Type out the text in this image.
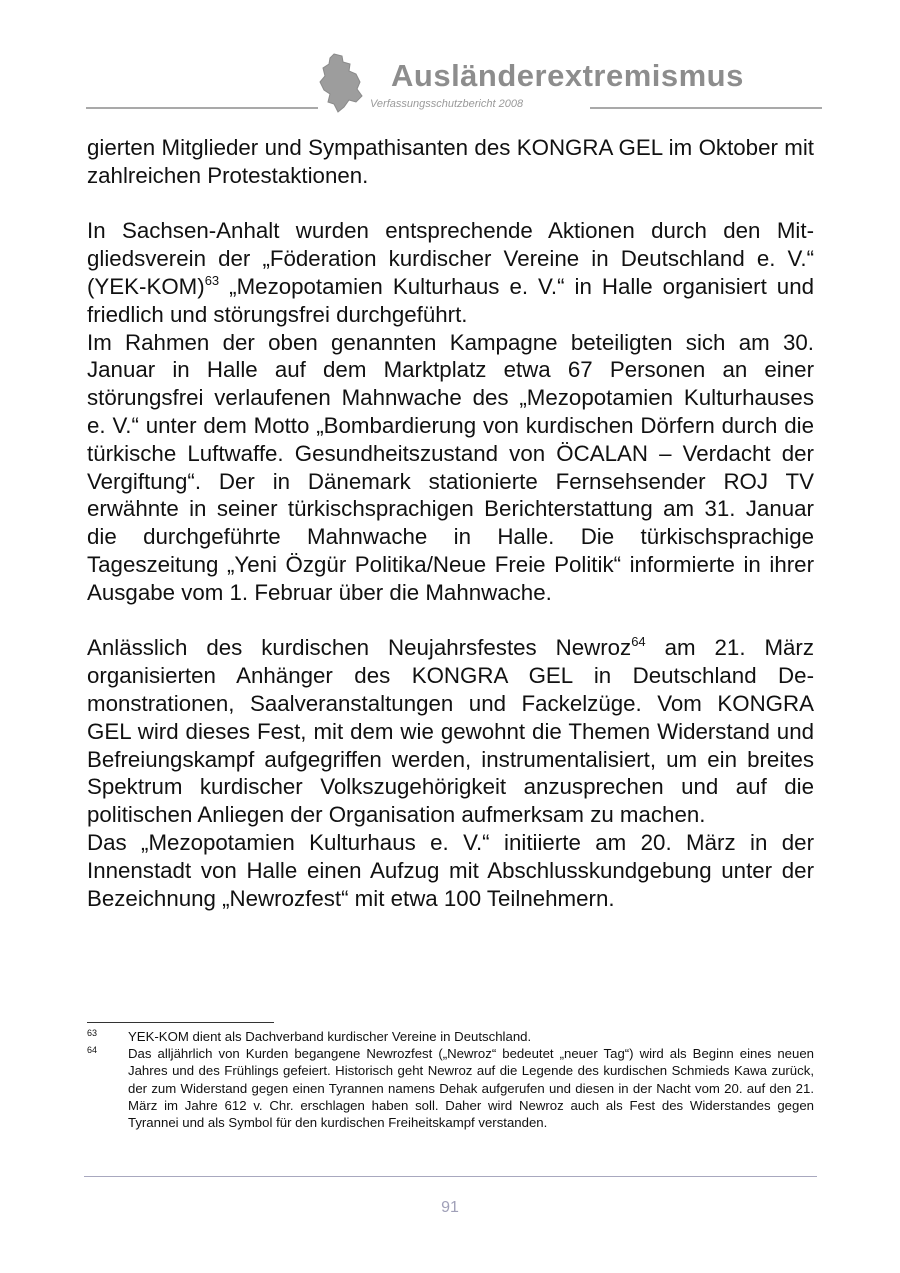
Ausländerextremismus
Verfassungsschutzbericht 2008

gierten Mitglieder und Sympathisanten des KONGRA GEL im Oktober mit zahlreichen Protestaktionen.

In Sachsen-Anhalt wurden entsprechende Aktionen durch den Mitgliedsverein der „Föderation kurdischer Vereine in Deutschland e. V.“ $(YEK-KOM)^{63}$ „Mezopotamien Kulturhaus e. V.“ in Halle organisiert und friedlich und störungsfrei durchgeführt.

Im Rahmen der oben genannten Kampagne beteiligten sich am 30. Januar in Halle auf dem Marktplatz etwa 67 Personen an einer störungsfrei verlaufenen Mahnwache des „Mezopotamien Kulturhauses e. V.“ unter dem Motto „Bombardierung von kurdischen Dörfern durch die türkische Luftwaffe. Gesundheitszustand von ÖCALAN – Verdacht der Vergiftung“. Der in Dänemark stationierte Fernsehsender ROJ TV erwähnte in seiner türkischsprachigen Berichterstattung am 31. Januar die durchgeführte Mahnwache in Halle. Die türkischsprachige Tageszeitung „Yeni Özgür Politika/Neue Freie Politik“ informierte in ihrer Ausgabe vom 1. Februar über die Mahnwache.

Anlässlich des kurdischen Neujahrsfestes Newroz$^{64}$ am 21. März organisierten Anhänger des KONGRA GEL in Deutschland Demonstrationen, Saalveranstaltungen und Fackelzüge. Vom KONGRA GEL wird dieses Fest, mit dem wie gewohnt die Themen Widerstand und Befreiungskampf aufgegriffen werden, instrumentalisiert, um ein breites Spektrum kurdischer Volkszugehörigkeit anzusprechen und auf die politischen Anliegen der Organisation aufmerksam zu machen.

Das „Mezopotamien Kulturhaus e. V.“ initiierte am 20. März in der Innenstadt von Halle einen Aufzug mit Abschlusskundgebung unter der Bezeichnung „Newrozfest“ mit etwa 100 Teilnehmern.

63 YEK-KOM dient als Dachverband kurdischer Vereine in Deutschland.
64 Das alljährlich von Kurden begangene Newrozfest („Newroz“ bedeutet „neuer Tag“) wird als Beginn eines neuen Jahres und des Frühlings gefeiert. Historisch geht Newroz auf die Legende des kurdischen Schmieds Kawa zurück, der zum Widerstand gegen einen Tyrannen namens Dehak aufgerufen und diesen in der Nacht vom 20. auf den 21. März im Jahre 612 v. Chr. erschlagen haben soll. Daher wird Newroz auch als Fest des Widerstandes gegen Tyrannei und als Symbol für den kurdischen Freiheitskampf verstanden.
91
